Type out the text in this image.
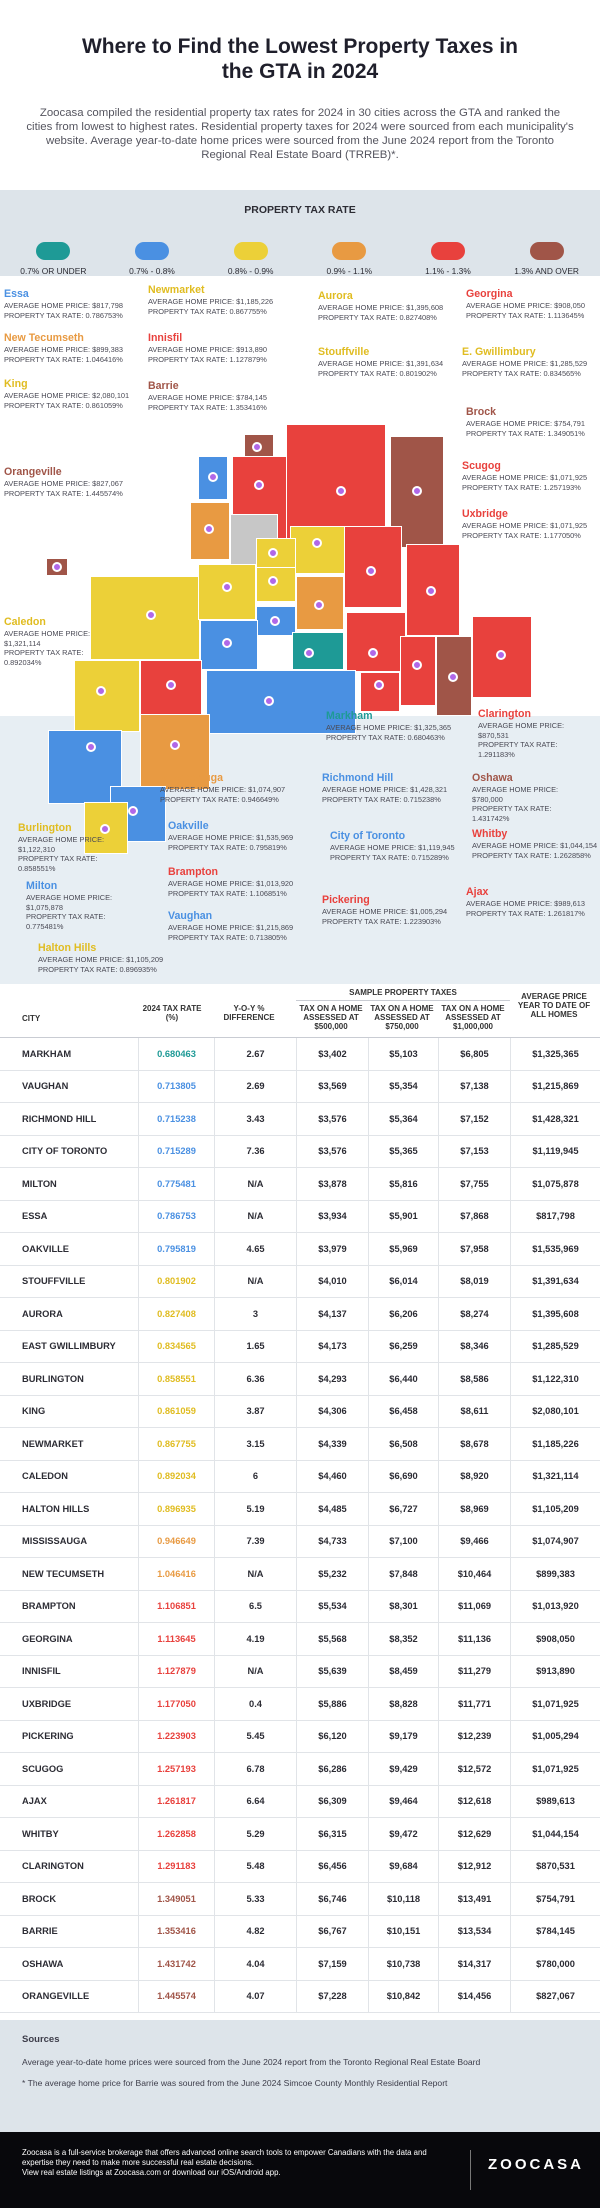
Where to Find the Lowest Property Taxes in
the GTA in 2024

Zoocasa compiled the residential property tax rates for 2024 in 30 cities across the GTA and ranked the cities from lowest to highest rates. Residential property taxes for 2024 were sourced from each municipality's website. Average year-to-date home prices were sourced from the June 2024 report from the Toronto Regional Real Estate Board (TRREB)*.

PROPERTY TAX RATE
0.7% OR UNDER	0.7% - 0.8%	0.8% - 0.9%	0.9% - 1.1%	1.1% - 1.3%	1.3% AND OVER
Essa
AVERAGE HOME PRICE: $817,798
PROPERTY TAX RATE: 0.786753%
New Tecumseth
AVERAGE HOME PRICE: $899,383
PROPERTY TAX RATE: 1.046416%
King
AVERAGE HOME PRICE: $2,080,101
PROPERTY TAX RATE: 0.861059%
Orangeville
AVERAGE HOME PRICE: $827,067
PROPERTY TAX RATE: 1.445574%
Caledon
AVERAGE HOME PRICE:
$1,321,114
PROPERTY TAX RATE:
0.892034%
Newmarket
AVERAGE HOME PRICE: $1,185,226
PROPERTY TAX RATE: 0.867755%
Innisfil
AVERAGE HOME PRICE: $913,890
PROPERTY TAX RATE: 1.127879%
Barrie
AVERAGE HOME PRICE: $784,145
PROPERTY TAX RATE: 1.353416%
Aurora
AVERAGE HOME PRICE: $1,395,608
PROPERTY TAX RATE: 0.827408%
Stouffville
AVERAGE HOME PRICE: $1,391,634
PROPERTY TAX RATE: 0.801902%
Georgina
AVERAGE HOME PRICE: $908,050
PROPERTY TAX RATE: 1.113645%
E. Gwillimbury
AVERAGE HOME PRICE: $1,285,529
PROPERTY TAX RATE: 0.834565%
Brock
AVERAGE HOME PRICE: $754,791
PROPERTY TAX RATE: 1.349051%
Scugog
AVERAGE HOME PRICE: $1,071,925
PROPERTY TAX RATE: 1.257193%
Uxbridge
AVERAGE HOME PRICE: $1,071,925
PROPERTY TAX RATE: 1.177050%
Markham
AVERAGE HOME PRICE: $1,325,365
PROPERTY TAX RATE: 0.680463%
Clarington
AVERAGE HOME PRICE:
$870,531
PROPERTY TAX RATE:
1.291183%
Mississauga
AVERAGE HOME PRICE: $1,074,907
PROPERTY TAX RATE: 0.946649%
Richmond Hill
AVERAGE HOME PRICE: $1,428,321
PROPERTY TAX RATE: 0.715238%
Oshawa
AVERAGE HOME PRICE:
$780,000
PROPERTY TAX RATE:
1.431742%
Burlington
AVERAGE HOME PRICE:
$1,122,310
PROPERTY TAX RATE:
0.858551%
Oakville
AVERAGE HOME PRICE: $1,535,969
PROPERTY TAX RATE: 0.795819%
City of Toronto
AVERAGE HOME PRICE: $1,119,945
PROPERTY TAX RATE: 0.715289%
Whitby
AVERAGE HOME PRICE: $1,044,154
PROPERTY TAX RATE: 1.262858%
Brampton
AVERAGE HOME PRICE: $1,013,920
PROPERTY TAX RATE: 1.106851%
Milton
AVERAGE HOME PRICE:
$1,075,878
PROPERTY TAX RATE:
0.775481%
Pickering
AVERAGE HOME PRICE: $1,005,294
PROPERTY TAX RATE: 1.223903%
Ajax
AVERAGE HOME PRICE: $989,613
PROPERTY TAX RATE: 1.261817%
Vaughan
AVERAGE HOME PRICE: $1,215,869
PROPERTY TAX RATE: 0.713805%
Halton Hills
AVERAGE HOME PRICE: $1,105,209
PROPERTY TAX RATE: 0.896935%
SAMPLE PROPERTY TAXES
CITY
2024 TAX RATE (%)
Y-O-Y % DIFFERENCE
TAX ON A HOME ASSESSED AT $500,000
TAX ON A HOME ASSESSED AT $750,000
TAX ON A HOME ASSESSED AT $1,000,000
AVERAGE PRICE YEAR TO DATE OF ALL HOMES
MARKHAM	0.680463	2.67	$3,402	$5,103	$6,805	$1,325,365
VAUGHAN	0.713805	2.69	$3,569	$5,354	$7,138	$1,215,869
RICHMOND HILL	0.715238	3.43	$3,576	$5,364	$7,152	$1,428,321
CITY OF TORONTO	0.715289	7.36	$3,576	$5,365	$7,153	$1,119,945
MILTON	0.775481	N/A	$3,878	$5,816	$7,755	$1,075,878
ESSA	0.786753	N/A	$3,934	$5,901	$7,868	$817,798
OAKVILLE	0.795819	4.65	$3,979	$5,969	$7,958	$1,535,969
STOUFFVILLE	0.801902	N/A	$4,010	$6,014	$8,019	$1,391,634
AURORA	0.827408	3	$4,137	$6,206	$8,274	$1,395,608
EAST GWILLIMBURY	0.834565	1.65	$4,173	$6,259	$8,346	$1,285,529
BURLINGTON	0.858551	6.36	$4,293	$6,440	$8,586	$1,122,310
KING	0.861059	3.87	$4,306	$6,458	$8,611	$2,080,101
NEWMARKET	0.867755	3.15	$4,339	$6,508	$8,678	$1,185,226
CALEDON	0.892034	6	$4,460	$6,690	$8,920	$1,321,114
HALTON HILLS	0.896935	5.19	$4,485	$6,727	$8,969	$1,105,209
MISSISSAUGA	0.946649	7.39	$4,733	$7,100	$9,466	$1,074,907
NEW TECUMSETH	1.046416	N/A	$5,232	$7,848	$10,464	$899,383
BRAMPTON	1.106851	6.5	$5,534	$8,301	$11,069	$1,013,920
GEORGINA	1.113645	4.19	$5,568	$8,352	$11,136	$908,050
INNISFIL	1.127879	N/A	$5,639	$8,459	$11,279	$913,890
UXBRIDGE	1.177050	0.4	$5,886	$8,828	$11,771	$1,071,925
PICKERING	1.223903	5.45	$6,120	$9,179	$12,239	$1,005,294
SCUGOG	1.257193	6.78	$6,286	$9,429	$12,572	$1,071,925
AJAX	1.261817	6.64	$6,309	$9,464	$12,618	$989,613
WHITBY	1.262858	5.29	$6,315	$9,472	$12,629	$1,044,154
CLARINGTON	1.291183	5.48	$6,456	$9,684	$12,912	$870,531
BROCK	1.349051	5.33	$6,746	$10,118	$13,491	$754,791
BARRIE	1.353416	4.82	$6,767	$10,151	$13,534	$784,145
OSHAWA	1.431742	4.04	$7,159	$10,738	$14,317	$780,000
ORANGEVILLE	1.445574	4.07	$7,228	$10,842	$14,456	$827,067
Sources

Average year-to-date home prices were sourced from the June 2024 report from the Toronto Regional Real Estate Board

* The average home price for Barrie was soured from the June 2024 Simcoe County Monthly Residential Report

Zoocasa is a full-service brokerage that offers advanced online search tools to empower Canadians with the data and expertise they need to make more successful real estate decisions.
View real estate listings at Zoocasa.com or download our iOS/Android app.	ZOOCASA
